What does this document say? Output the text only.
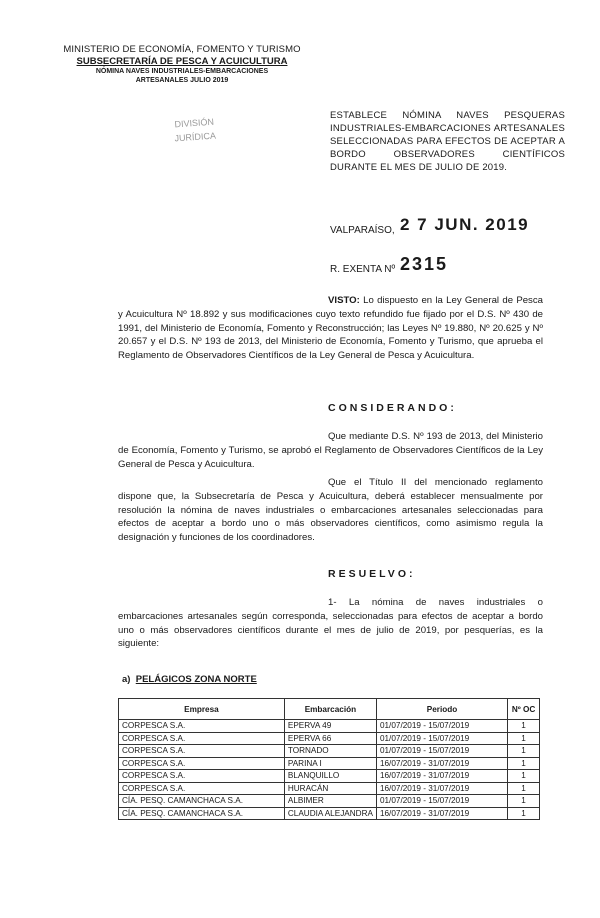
MINISTERIO DE ECONOMÍA, FOMENTO Y TURISMO
SUBSECRETARÍA DE PESCA Y ACUICULTURA
NÓMINA NAVES INDUSTRIALES-EMBARCACIONES
ARTESANALES JULIO 2019
DIVISIÓN
JURÍDICA
ESTABLECE NÓMINA NAVES PESQUERAS INDUSTRIALES-EMBARCACIONES ARTESANALES SELECCIONADAS PARA EFECTOS DE ACEPTAR A BORDO OBSERVADORES CIENTÍFICOS DURANTE EL MES DE JULIO DE 2019.
VALPARAÍSO, 2 7 JUN. 2019
R. EXENTA Nº 2315
VISTO: Lo dispuesto en la Ley General de Pesca y Acuicultura Nº 18.892 y sus modificaciones cuyo texto refundido fue fijado por el D.S. Nº 430 de 1991, del Ministerio de Economía, Fomento y Reconstrucción; las Leyes Nº 19.880, Nº 20.625 y Nº 20.657 y el D.S. Nº 193 de 2013, del Ministerio de Economía, Fomento y Turismo, que aprueba el Reglamento de Observadores Científicos de la Ley General de Pesca y Acuicultura.
CONSIDERANDO:
Que mediante D.S. Nº 193 de 2013, del Ministerio de Economía, Fomento y Turismo, se aprobó el Reglamento de Observadores Científicos de la Ley General de Pesca y Acuicultura.
Que el Título II del mencionado reglamento dispone que, la Subsecretaría de Pesca y Acuicultura, deberá establecer mensualmente por resolución la nómina de naves industriales o embarcaciones artesanales seleccionadas para efectos de aceptar a bordo uno o más observadores científicos, como asimismo regula la designación y funciones de los coordinadores.
RESUELVO:
1- La nómina de naves industriales o embarcaciones artesanales según corresponda, seleccionadas para efectos de aceptar a bordo uno o más observadores científicos durante el mes de julio de 2019, por pesquerías, es la siguiente:
a) PELÁGICOS ZONA NORTE
Empresa	Embarcación	Periodo	Nº OC
CORPESCA S.A.	EPERVA 49	01/07/2019 - 15/07/2019	1
CORPESCA S.A.	EPERVA 66	01/07/2019 - 15/07/2019	1
CORPESCA S.A.	TORNADO	01/07/2019 - 15/07/2019	1
CORPESCA S.A.	PARINA I	16/07/2019 - 31/07/2019	1
CORPESCA S.A.	BLANQUILLO	16/07/2019 - 31/07/2019	1
CORPESCA S.A.	HURACÁN	16/07/2019 - 31/07/2019	1
CÍA. PESQ. CAMANCHACA S.A.	ALBIMER	01/07/2019 - 15/07/2019	1
CÍA. PESQ. CAMANCHACA S.A.	CLAUDIA ALEJANDRA	16/07/2019 - 31/07/2019	1
